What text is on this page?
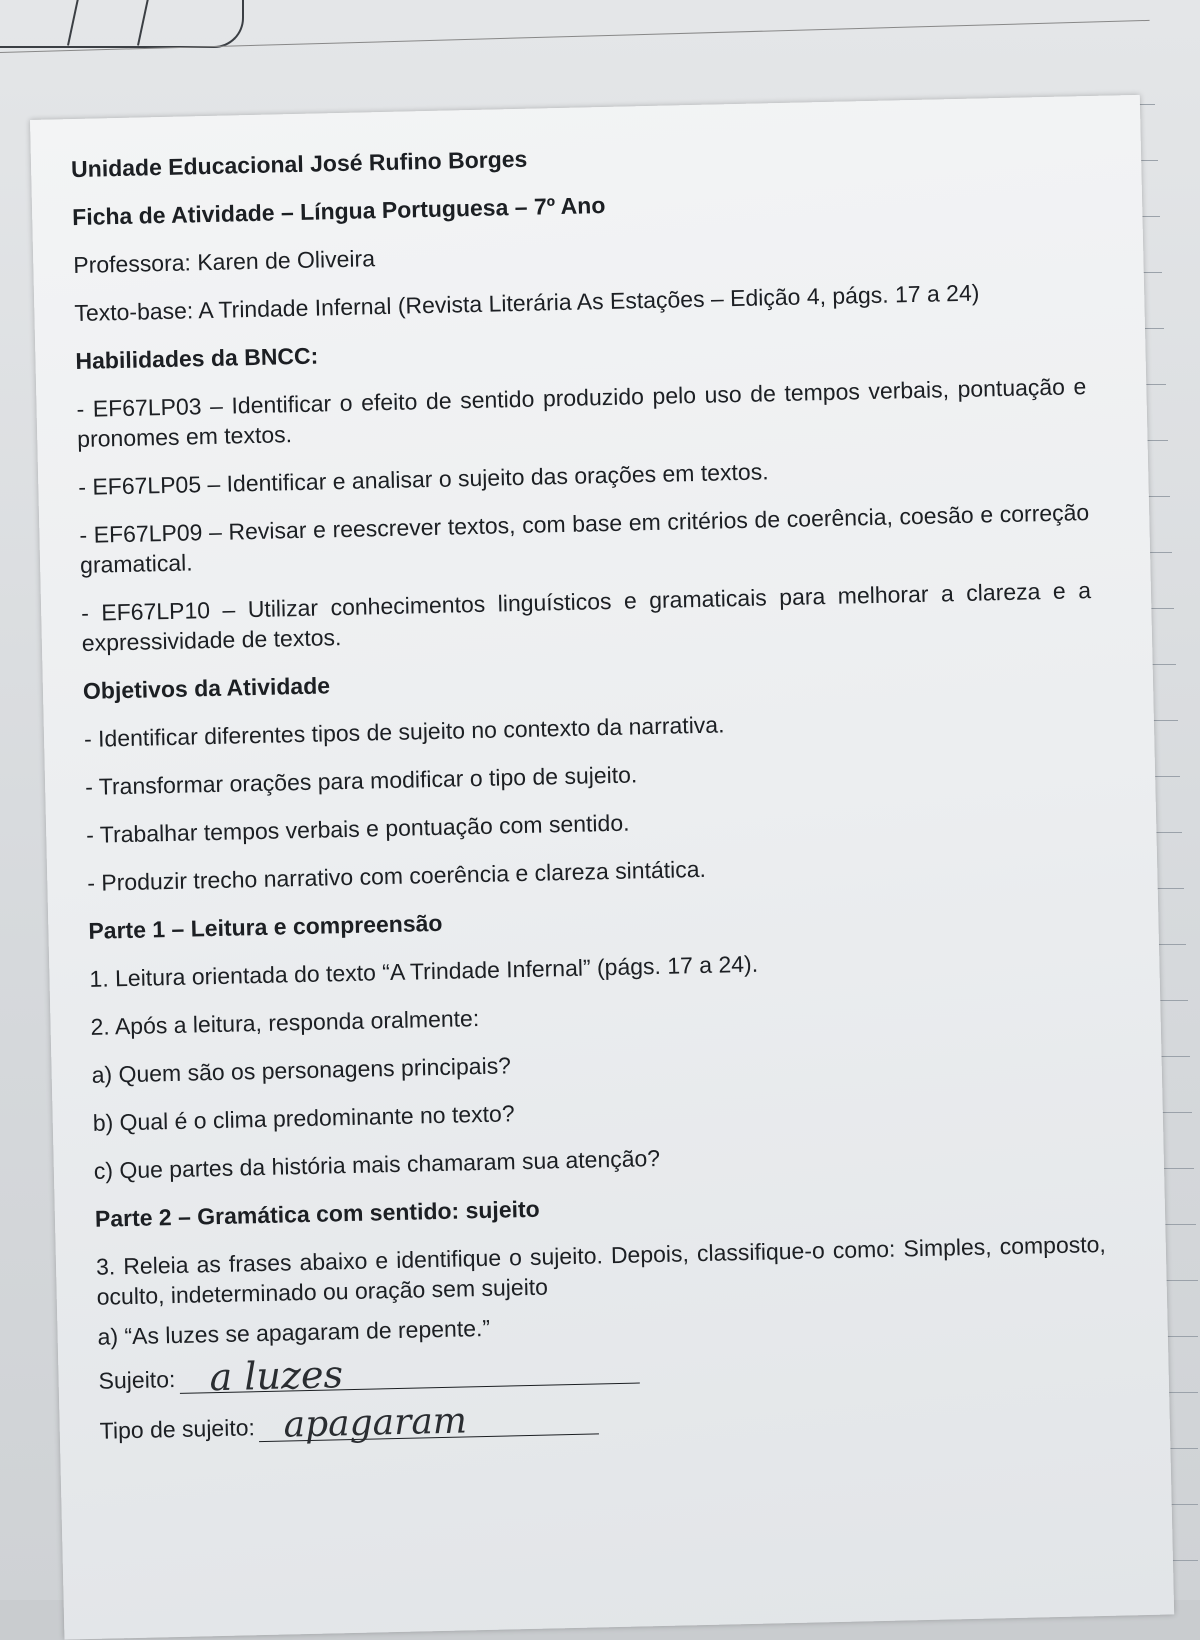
Unidade Educacional José Rufino Borges

Ficha de Atividade – Língua Portuguesa – 7º Ano

Professora: Karen de Oliveira

Texto-base: A Trindade Infernal (Revista Literária As Estações – Edição 4, págs. 17 a 24)

Habilidades da BNCC:

- EF67LP03 – Identificar o efeito de sentido produzido pelo uso de tempos verbais, pontuação e pronomes em textos.

- EF67LP05 – Identificar e analisar o sujeito das orações em textos.

- EF67LP09 – Revisar e reescrever textos, com base em critérios de coerência, coesão e correção gramatical.

- EF67LP10 – Utilizar conhecimentos linguísticos e gramaticais para melhorar a clareza e a expressividade de textos.

Objetivos da Atividade

- Identificar diferentes tipos de sujeito no contexto da narrativa.

- Transformar orações para modificar o tipo de sujeito.

- Trabalhar tempos verbais e pontuação com sentido.

- Produzir trecho narrativo com coerência e clareza sintática.

Parte 1 – Leitura e compreensão

1. Leitura orientada do texto “A Trindade Infernal” (págs. 17 a 24).

2. Após a leitura, responda oralmente:

a) Quem são os personagens principais?

b) Qual é o clima predominante no texto?

c) Que partes da história mais chamaram sua atenção?

Parte 2 – Gramática com sentido: sujeito

3. Releia as frases abaixo e identifique o sujeito. Depois, classifique-o como: Simples, composto, oculto, indeterminado ou oração sem sujeito

a) “As luzes se apagaram de repente.”

Sujeito: a luzes
Tipo de sujeito: apagaram
